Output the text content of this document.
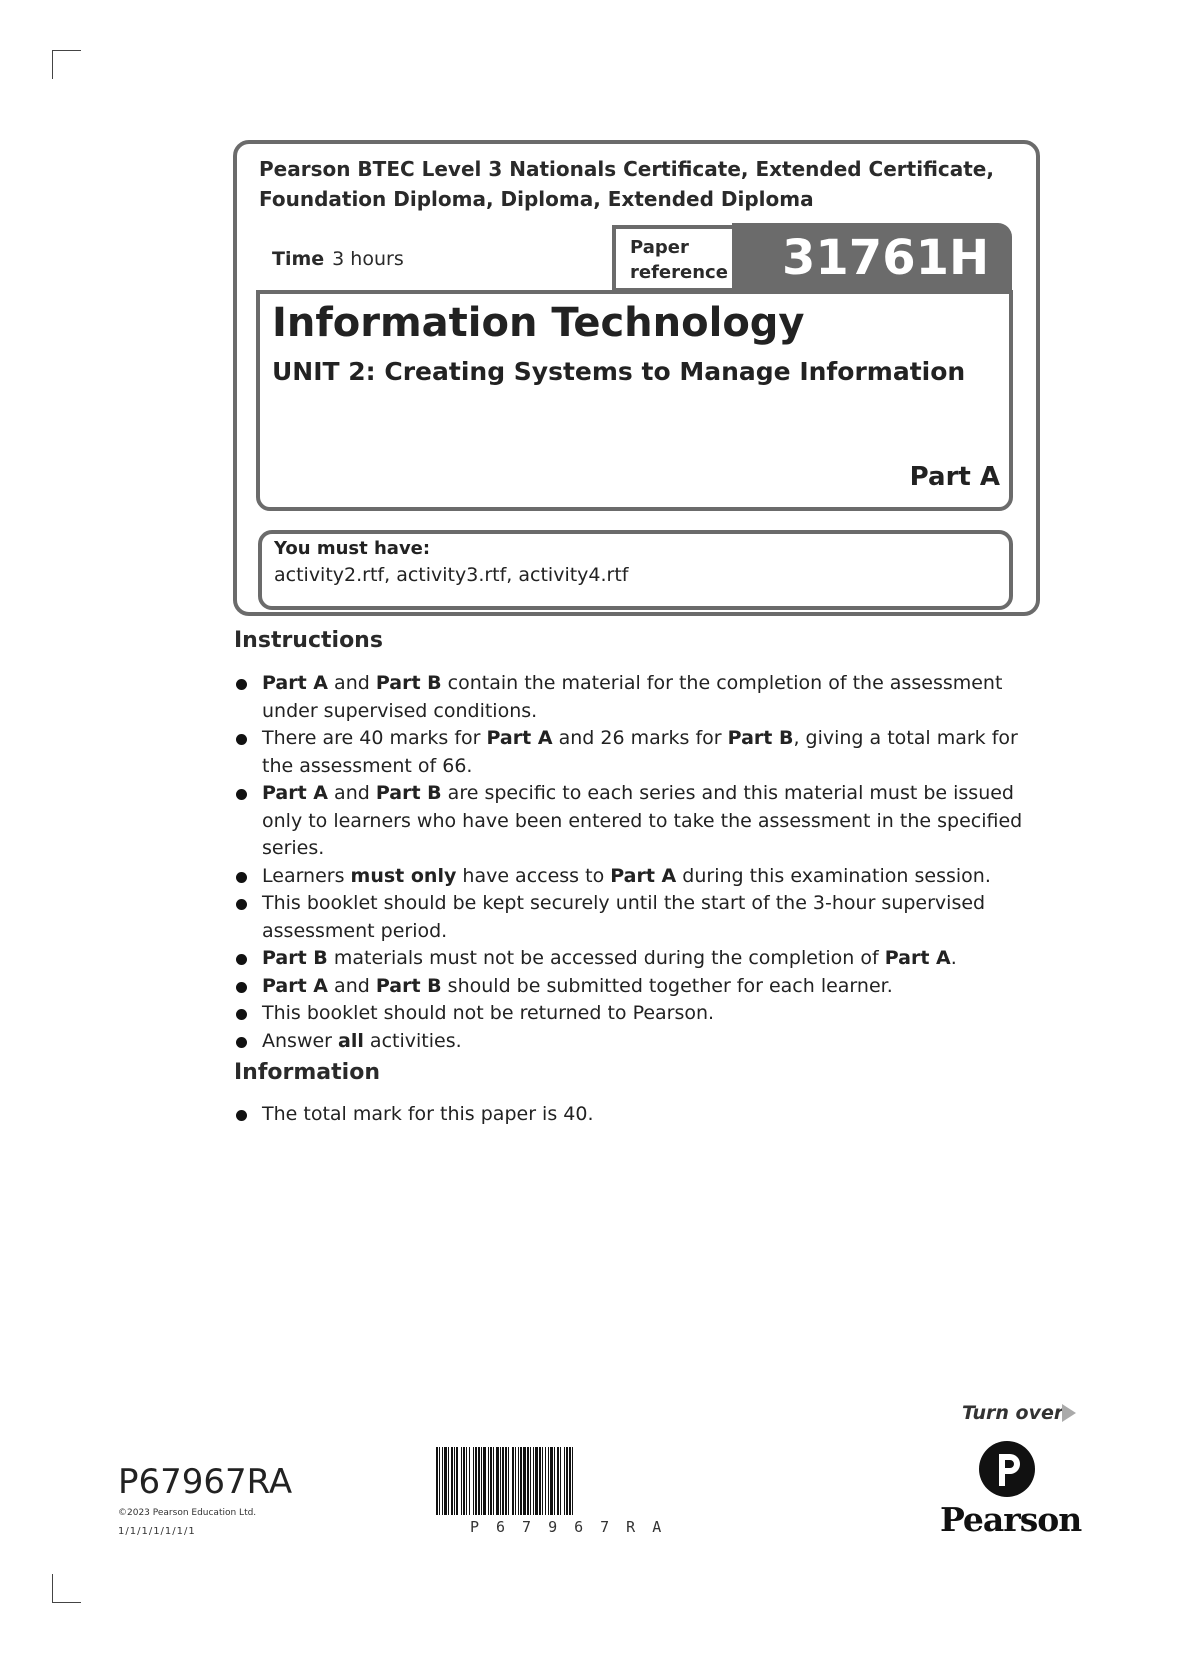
Pearson BTEC Level 3 Nationals Certificate, Extended Certificate,
Foundation Diploma, Diploma, Extended Diploma
Time 3 hours
Paper
reference	31761H
Information Technology
UNIT 2: Creating Systems to Manage Information
Part A
You must have:
activity2.rtf, activity3.rtf, activity4.rtf
Instructions
Part A and Part B contain the material for the completion of the assessment under supervised conditions.
There are 40 marks for Part A and 26 marks for Part B, giving a total mark for the assessment of 66.
Part A and Part B are specific to each series and this material must be issued only to learners who have been entered to take the assessment in the specified series.
Learners must only have access to Part A during this examination session.
This booklet should be kept securely until the start of the 3-hour supervised assessment period.
Part B materials must not be accessed during the completion of Part A.
Part A and Part B should be submitted together for each learner.
This booklet should not be returned to Pearson.
Answer all activities.
Information
The total mark for this paper is 40.
Turn over
P67967RA
©2023 Pearson Education Ltd.
1/1/1/1/1/1/1	P67967RA	Pearson
